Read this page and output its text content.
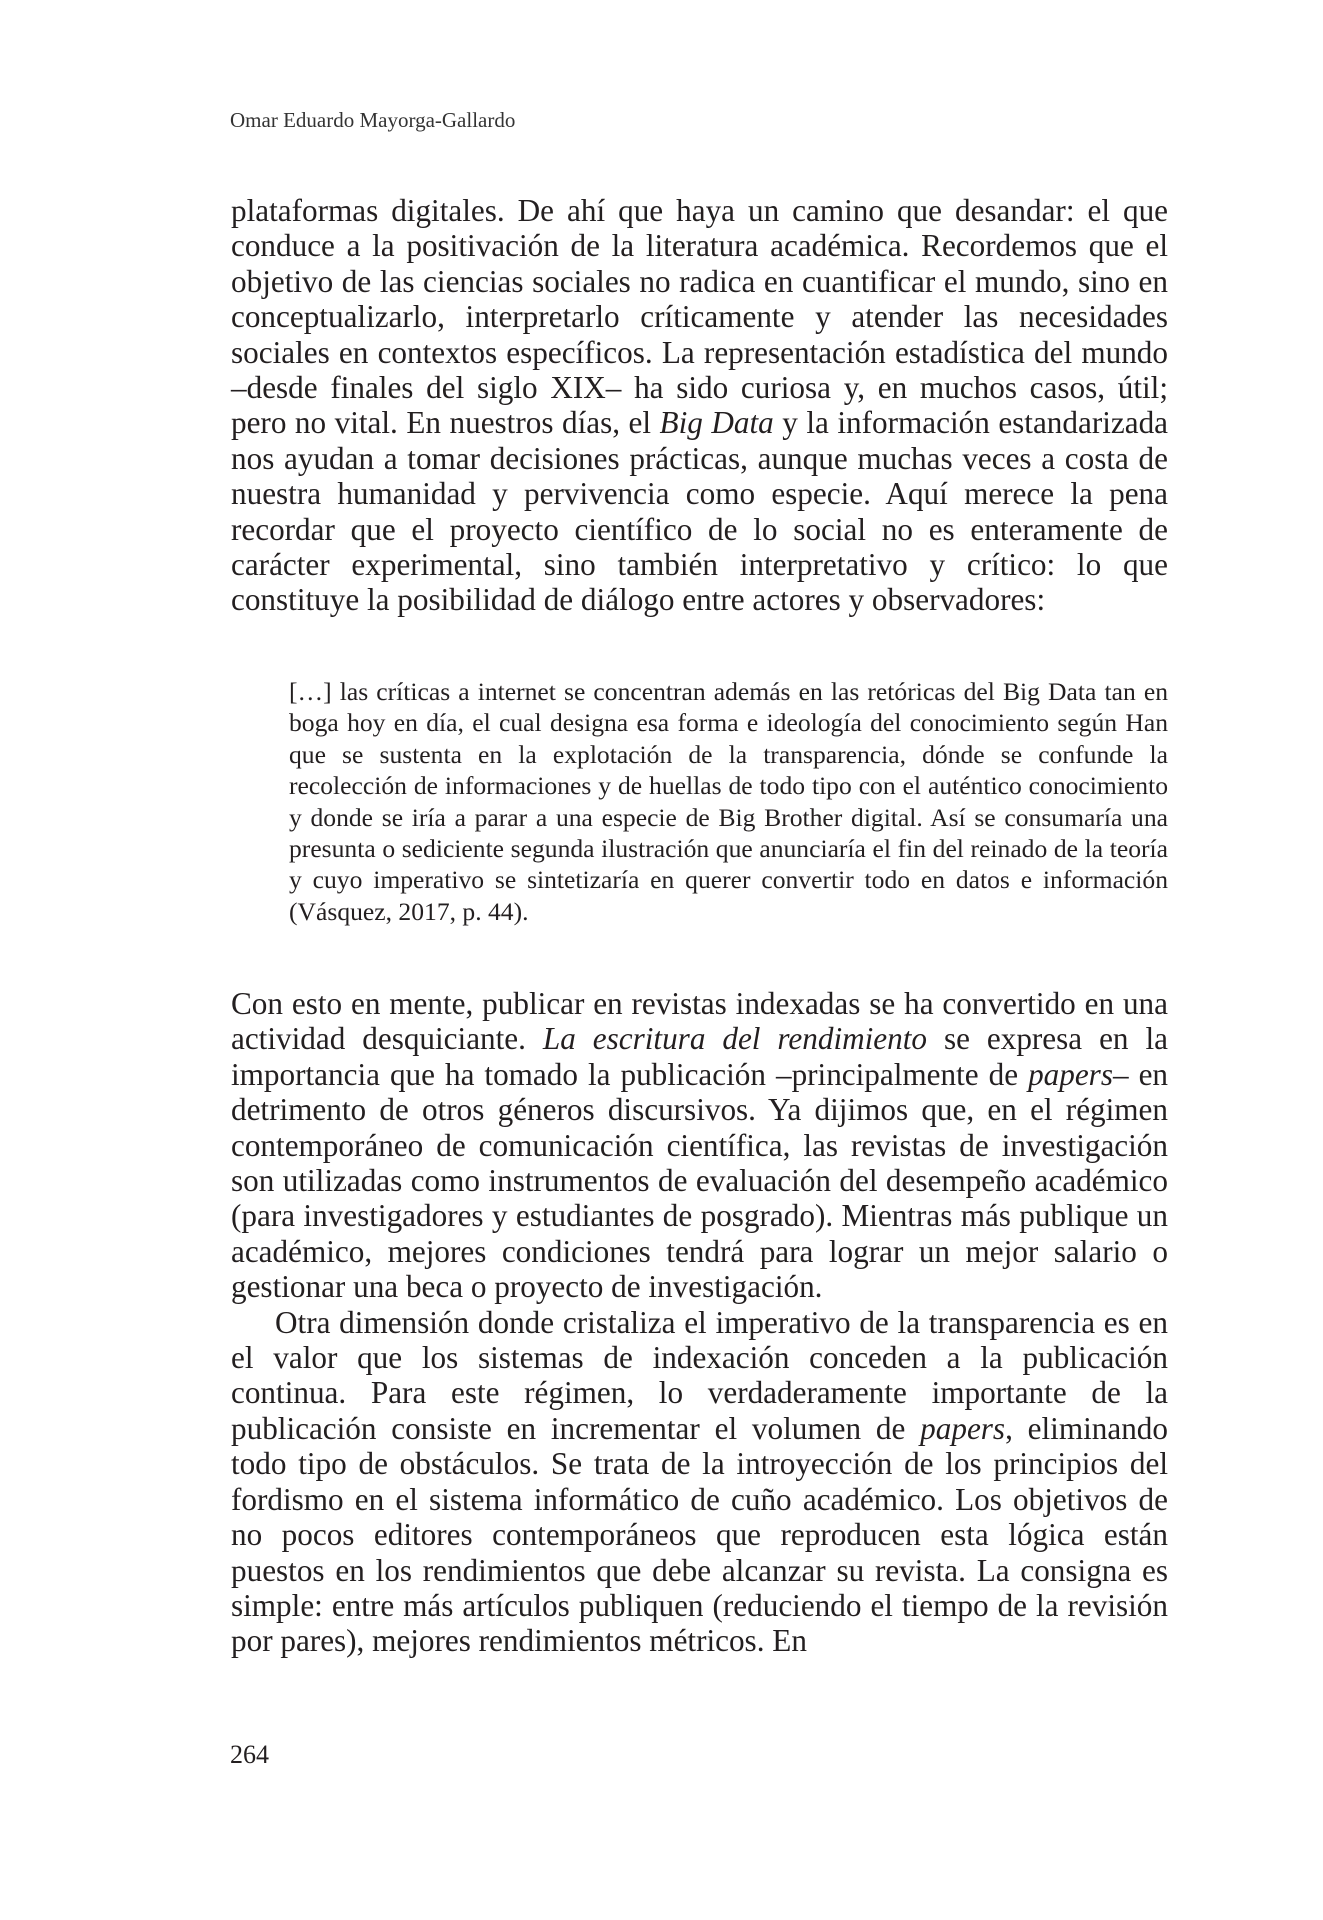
Omar Eduardo Mayorga-Gallardo

plataformas digitales. De ahí que haya un camino que desandar: el que conduce a la positivación de la literatura académica. Recordemos que el objetivo de las ciencias sociales no radica en cuantificar el mundo, sino en conceptualizarlo, interpretarlo críticamente y atender las necesidades sociales en contextos específicos. La representación estadística del mundo –desde finales del siglo XIX– ha sido curiosa y, en muchos casos, útil; pero no vital. En nuestros días, el Big Data y la información estandarizada nos ayudan a tomar decisiones prácticas, aunque muchas veces a costa de nuestra humanidad y pervivencia como especie. Aquí merece la pena recordar que el proyecto científico de lo social no es enteramente de carácter experimental, sino también interpretativo y crítico: lo que constituye la posibilidad de diálogo entre actores y observadores:

[…] las críticas a internet se concentran además en las retóricas del Big Data tan en boga hoy en día, el cual designa esa forma e ideología del conocimiento según Han que se sustenta en la explotación de la transparencia, dónde se confunde la recolección de informaciones y de huellas de todo tipo con el auténtico conocimiento y donde se iría a parar a una especie de Big Brother digital. Así se consumaría una presunta o sediciente segunda ilustración que anunciaría el fin del reinado de la teoría y cuyo imperativo se sintetizaría en querer convertir todo en datos e información (Vásquez, 2017, p. 44).

Con esto en mente, publicar en revistas indexadas se ha convertido en una actividad desquiciante. La escritura del rendimiento se expresa en la importancia que ha tomado la publicación –principalmente de papers– en detrimento de otros géneros discursivos. Ya dijimos que, en el régimen contemporáneo de comunicación científica, las revistas de investigación son utilizadas como instrumentos de evaluación del desempeño académico (para investigadores y estudiantes de posgrado). Mientras más publique un académico, mejores condiciones tendrá para lograr un mejor salario o gestionar una beca o proyecto de investigación.

Otra dimensión donde cristaliza el imperativo de la transparencia es en el valor que los sistemas de indexación conceden a la publicación continua. Para este régimen, lo verdaderamente importante de la publicación consiste en incrementar el volumen de papers, eliminando todo tipo de obstáculos. Se trata de la introyección de los principios del fordismo en el sistema informático de cuño académico. Los objetivos de no pocos editores contemporáneos que reproducen esta lógica están puestos en los rendimientos que debe alcanzar su revista. La consigna es simple: entre más artículos publiquen (reduciendo el tiempo de la revisión por pares), mejores rendimientos métricos. En

264
